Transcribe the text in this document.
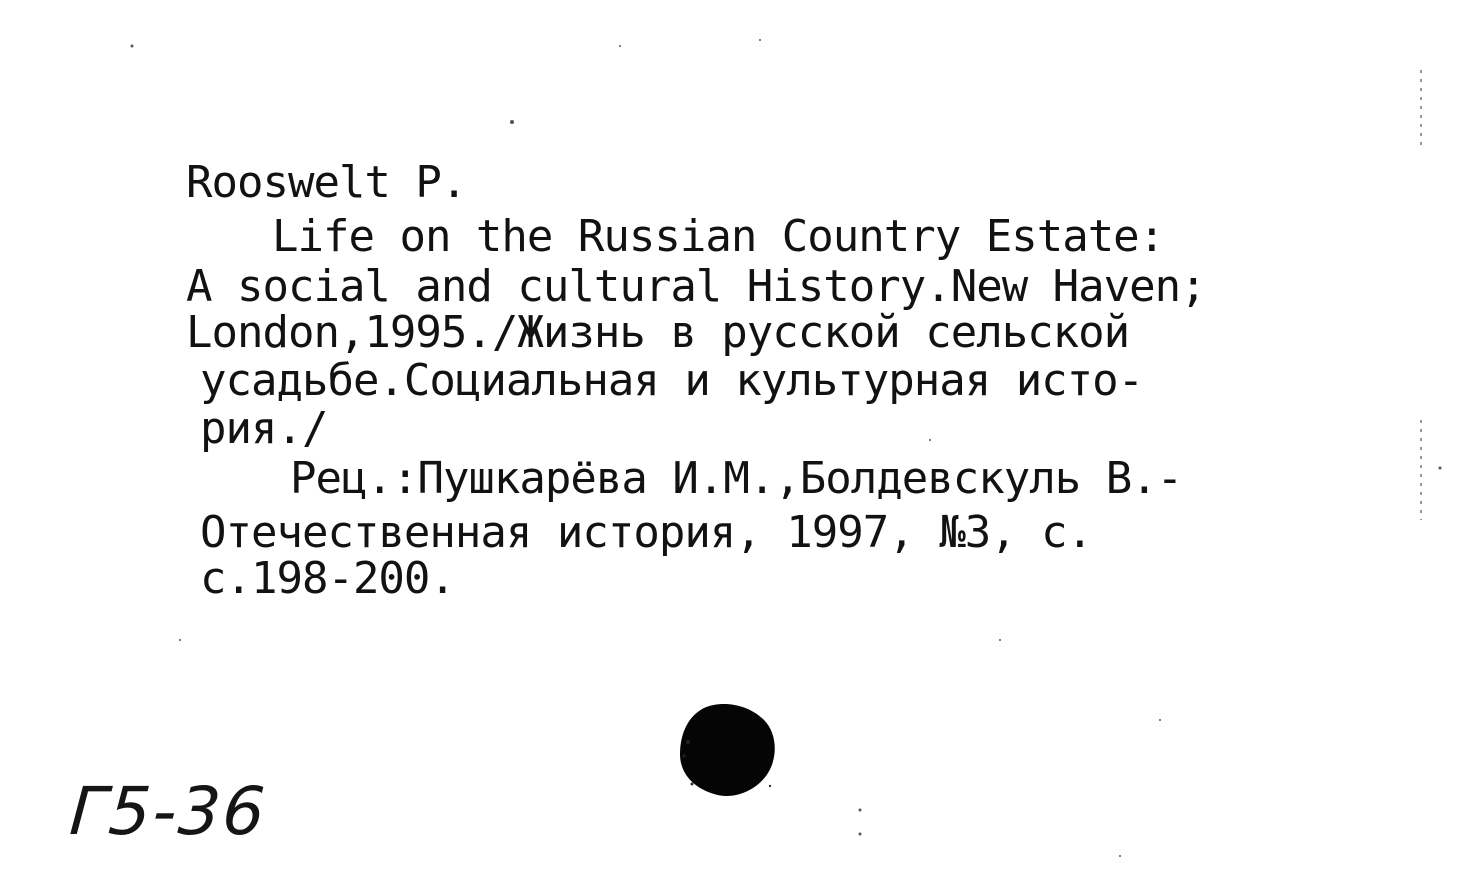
Rooswelt P.
Life on the Russian Country Estate:
A social and cultural History.New Haven;
London,1995./Жизнь в русской сельской
усадьбе.Социальная и культурная исто-
рия./
Рец.:Пушкарёва И.М.,Болдевскуль В.-
Отечественная история, 1997, №3, с.
с.198-200.
Г5-36
